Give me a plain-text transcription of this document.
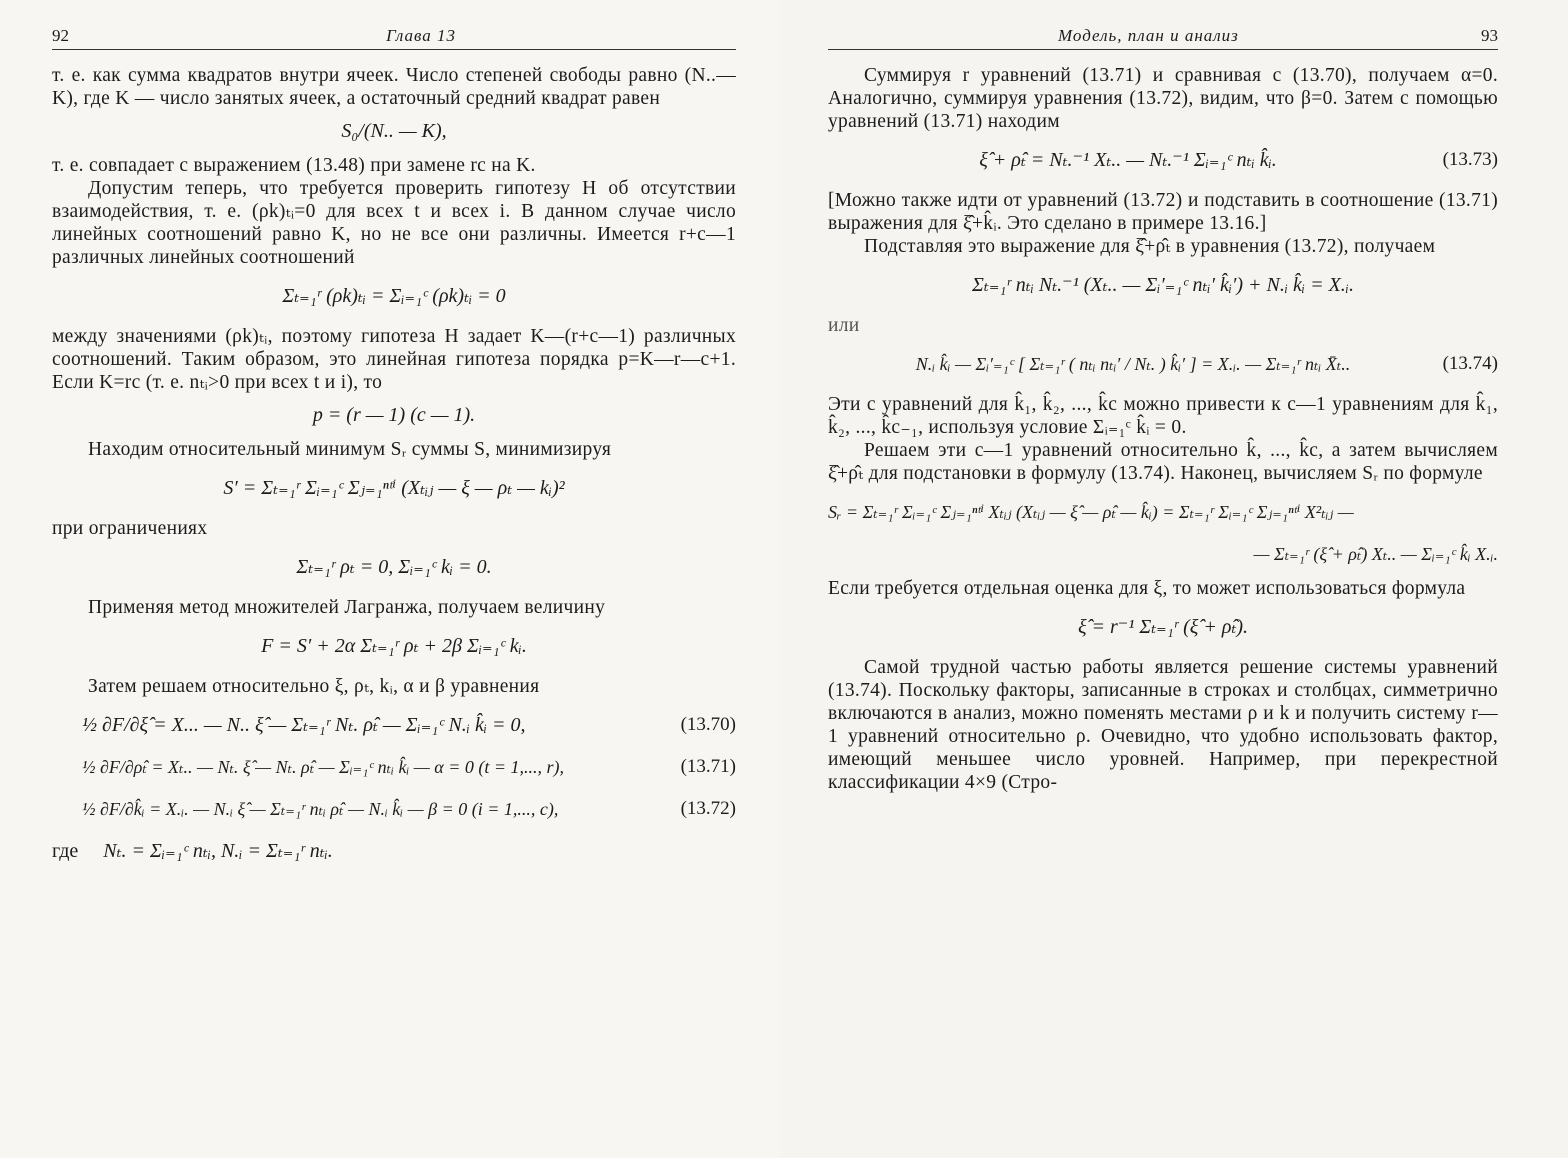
92	Глава 13

т. е. как сумма квадратов внутри ячеек. Число степеней свободы равно (N..—K), где K — число занятых ячеек, а остаточный средний квадрат равен

S₀/(N.. — K),

т. е. совпадает с выражением (13.48) при замене rc на K.

Допустим теперь, что требуется проверить гипотезу H об отсутствии взаимодействия, т. е. (ρk)ₜᵢ=0 для всех t и всех i. В данном случае число линейных соотношений равно K, но не все они различны. Имеется r+c—1 различных линейных соотношений

Σₜ₌₁ʳ (ρk)ₜᵢ = Σᵢ₌₁ᶜ (ρk)ₜᵢ = 0

между значениями (ρk)ₜᵢ, поэтому гипотеза H задает K—(r+c—1) различных соотношений. Таким образом, это линейная гипотеза порядка p=K—r—c+1. Если K=rc (т. е. nₜᵢ>0 при всех t и i), то

p = (r — 1) (c — 1).

Находим относительный минимум Sᵣ суммы S, минимизируя

S′ = Σₜ₌₁ʳ Σᵢ₌₁ᶜ Σⱼ₌₁ⁿᵗⁱ (Xₜᵢⱼ — ξ — ρₜ — kᵢ)²

при ограничениях

Σₜ₌₁ʳ ρₜ = 0, Σᵢ₌₁ᶜ kᵢ = 0.

Применяя метод множителей Лагранжа, получаем величину

F = S′ + 2α Σₜ₌₁ʳ ρₜ + 2β Σᵢ₌₁ᶜ kᵢ.

Затем решаем относительно ξ, ρₜ, kᵢ, α и β уравнения

½ ∂F/∂ξ̂ = X... — N.. ξ̂ — Σₜ₌₁ʳ Nₜ. ρ̂ₜ — Σᵢ₌₁ᶜ N.ᵢ k̂ᵢ = 0,	(13.70)
½ ∂F/∂ρ̂ₜ = Xₜ.. — Nₜ. ξ̂ — Nₜ. ρ̂ₜ — Σᵢ₌₁ᶜ nₜᵢ k̂ᵢ — α = 0 (t = 1,..., r),	(13.71)
½ ∂F/∂k̂ᵢ = X.ᵢ. — N.ᵢ ξ̂ — Σₜ₌₁ʳ nₜᵢ ρ̂ₜ — N.ᵢ k̂ᵢ — β = 0 (i = 1,..., c),	(13.72)
где Nₜ. = Σᵢ₌₁ᶜ nₜᵢ, N.ᵢ = Σₜ₌₁ʳ nₜᵢ.
Модель, план и анализ	93

Суммируя r уравнений (13.71) и сравнивая с (13.70), получаем α=0. Аналогично, суммируя уравнения (13.72), видим, что β=0. Затем с помощью уравнений (13.71) находим

ξ̂ + ρ̂ₜ = Nₜ.⁻¹ Xₜ.. — Nₜ.⁻¹ Σᵢ₌₁ᶜ nₜᵢ k̂ᵢ.	(13.73)

[Можно также идти от уравнений (13.72) и подставить в соотношение (13.71) выражения для ξ̂+k̂ᵢ. Это сделано в примере 13.16.]

Подставляя это выражение для ξ̂+ρ̂ₜ в уравнения (13.72), получаем

Σₜ₌₁ʳ nₜᵢ Nₜ.⁻¹ (Xₜ.. — Σᵢ′₌₁ᶜ nₜᵢ′ k̂ᵢ′) + N.ᵢ k̂ᵢ = X.ᵢ.

или

N.ᵢ k̂ᵢ — Σᵢ′₌₁ᶜ [ Σₜ₌₁ʳ ( nₜᵢ nₜᵢ′ / Nₜ. ) k̂ᵢ′ ] = X.ᵢ. — Σₜ₌₁ʳ nₜᵢ X̄ₜ..	(13.74)

Эти c уравнений для k̂₁, k̂₂, ..., k̂c можно привести к c—1 уравнениям для k̂₁, k̂₂, ..., k̂c₋₁, используя условие Σᵢ₌₁ᶜ k̂ᵢ = 0.

Решаем эти c—1 уравнений относительно k̂, ..., k̂c, а затем вычисляем ξ̂+ρ̂ₜ для подстановки в формулу (13.74). Наконец, вычисляем Sᵣ по формуле

Sᵣ = Σₜ₌₁ʳ Σᵢ₌₁ᶜ Σⱼ₌₁ⁿᵗⁱ Xₜᵢⱼ (Xₜᵢⱼ — ξ̂ — ρ̂ₜ — k̂ᵢ) = Σₜ₌₁ʳ Σᵢ₌₁ᶜ Σⱼ₌₁ⁿᵗⁱ X²ₜᵢⱼ —
— Σₜ₌₁ʳ (ξ̂ + ρ̂ₜ) Xₜ.. — Σᵢ₌₁ᶜ k̂ᵢ X.ᵢ.

Если требуется отдельная оценка для ξ, то может использоваться формула

ξ̂ = r⁻¹ Σₜ₌₁ʳ (ξ̂ + ρ̂ₜ).

Самой трудной частью работы является решение системы уравнений (13.74). Поскольку факторы, записанные в строках и столбцах, симметрично включаются в анализ, можно поменять местами ρ и k и получить систему r—1 уравнений относительно ρ. Очевидно, что удобно использовать фактор, имеющий меньшее число уровней. Например, при перекрестной классификации 4×9 (Стро-
